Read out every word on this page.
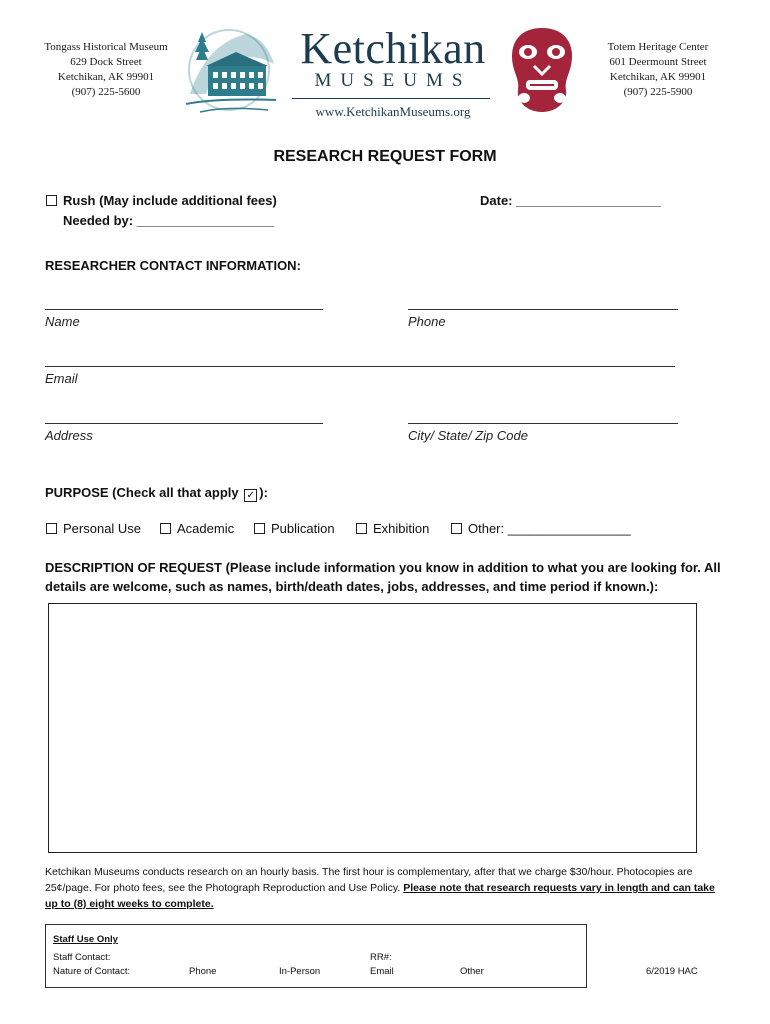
Tongass Historical Museum
629 Dock Street
Ketchikan, AK 99901
(907) 225-5600
Ketchikan
MUSEUMS
www.KetchikanMuseums.org
Totem Heritage Center
601 Deermount Street
Ketchikan, AK 99901
(907) 225-5900
RESEARCH REQUEST FORM
Rush (May include additional fees)
Needed by: ___________________
Date: ____________________
RESEARCHER CONTACT INFORMATION:
Name	Phone
Email
Address	City/ State/ Zip Code
PURPOSE (Check all that apply ✓ ):
Personal Use	Academic	Publication	Exhibition	Other: _________________
DESCRIPTION OF REQUEST (Please include information you know in addition to what you are looking for. All details are welcome, such as names, birth/death dates, jobs, addresses, and time period if known.):
Ketchikan Museums conducts research on an hourly basis. The first hour is complementary, after that we charge $30/hour. Photocopies are 25¢/page. For photo fees, see the Photograph Reproduction and Use Policy. Please note that research requests vary in length and can take up to (8) eight weeks to complete.
Staff Use Only
Staff Contact:	RR#:
Nature of Contact:	Phone	In-Person	Email	Other	6/2019 HAC
